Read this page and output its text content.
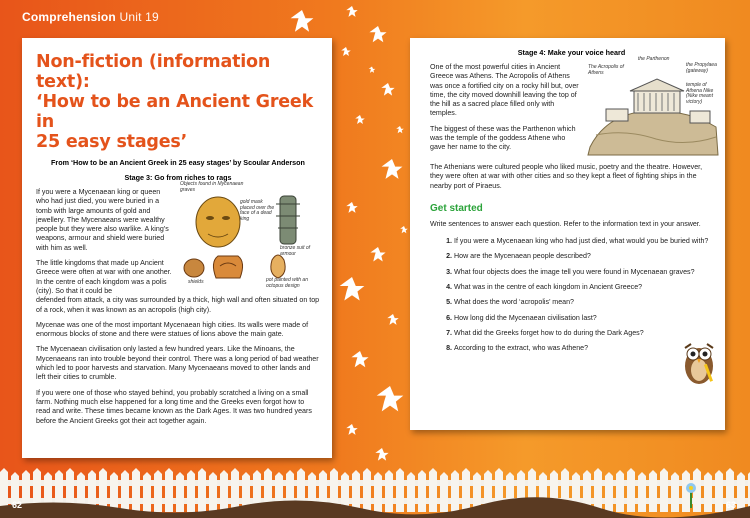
Comprehension Unit 19
Non-fiction (information text):
‘How to be an Ancient Greek in
25 easy stages’
From ‘How to be an Ancient Greek in 25 easy stages’ by Scoular Anderson
Stage 3: Go from riches to rags

If you were a Mycenaean king or queen who had just died, you were buried in a tomb with large amounts of gold and jewellery. The Mycenaeans were wealthy people but they were also warlike. A king’s weapons, armour and shield were buried with him as well.

The little kingdoms that made up Ancient Greece were often at war with one another. In the centre of each kingdom was a polis (city). So that it could be

Objects found in Mycenaean graves
gold mask placed over the face of a dead king
bronze suit of armour
shields	pot painted with an octopus design

defended from attack, a city was surrounded by a thick, high wall and often situated on top of a rock, when it was known as an acropolis (high city).

Mycenae was one of the most important Mycenaean high cities. Its walls were made of enormous blocks of stone and there were statues of lions above the main gate.

The Mycenaean civilisation only lasted a few hundred years. Like the Minoans, the Mycenaeans ran into trouble beyond their control. There was a long period of bad weather which led to poor harvests and starvation. Many Mycenaeans moved to other lands and left their cities to crumble.

If you were one of those who stayed behind, you probably scratched a living on a small farm. Nothing much else happened for a long time and the Greeks even forgot how to read and write. These times became known as the Dark Ages. It was two hundred years before the Ancient Greeks got their act together again.

Stage 4: Make your voice heard

One of the most powerful cities in Ancient Greece was Athens. The Acropolis of Athens was once a fortified city on a rocky hill but, over time, the city moved downhill leaving the top of the hill as a sacred place filled only with temples.

The biggest of these was the Parthenon which was the temple of the goddess Athene who gave her name to the city.

The Acropolis of Athens
the Parthenon
the Propylaea (gateway)
temple of Athena Nike (Nike meant victory)

The Athenians were cultured people who liked music, poetry and the theatre. However, they were often at war with other cities and so they kept a fleet of fighting ships in the nearby port of Piraeus.

Get started

Write sentences to answer each question. Refer to the information text in your answer.

1. If you were a Mycenaean king who had just died, what would you be buried with?
2. How are the Mycenaean people described?
3. What four objects does the image tell you were found in Mycenaean graves?
4. What was in the centre of each kingdom in Ancient Greece?
5. What does the word ‘acropolis’ mean?
6. How long did the Mycenaean civilisation last?
7. What did the Greeks forget how to do during the Dark Ages?
8. According to the extract, who was Athene?
62	63
